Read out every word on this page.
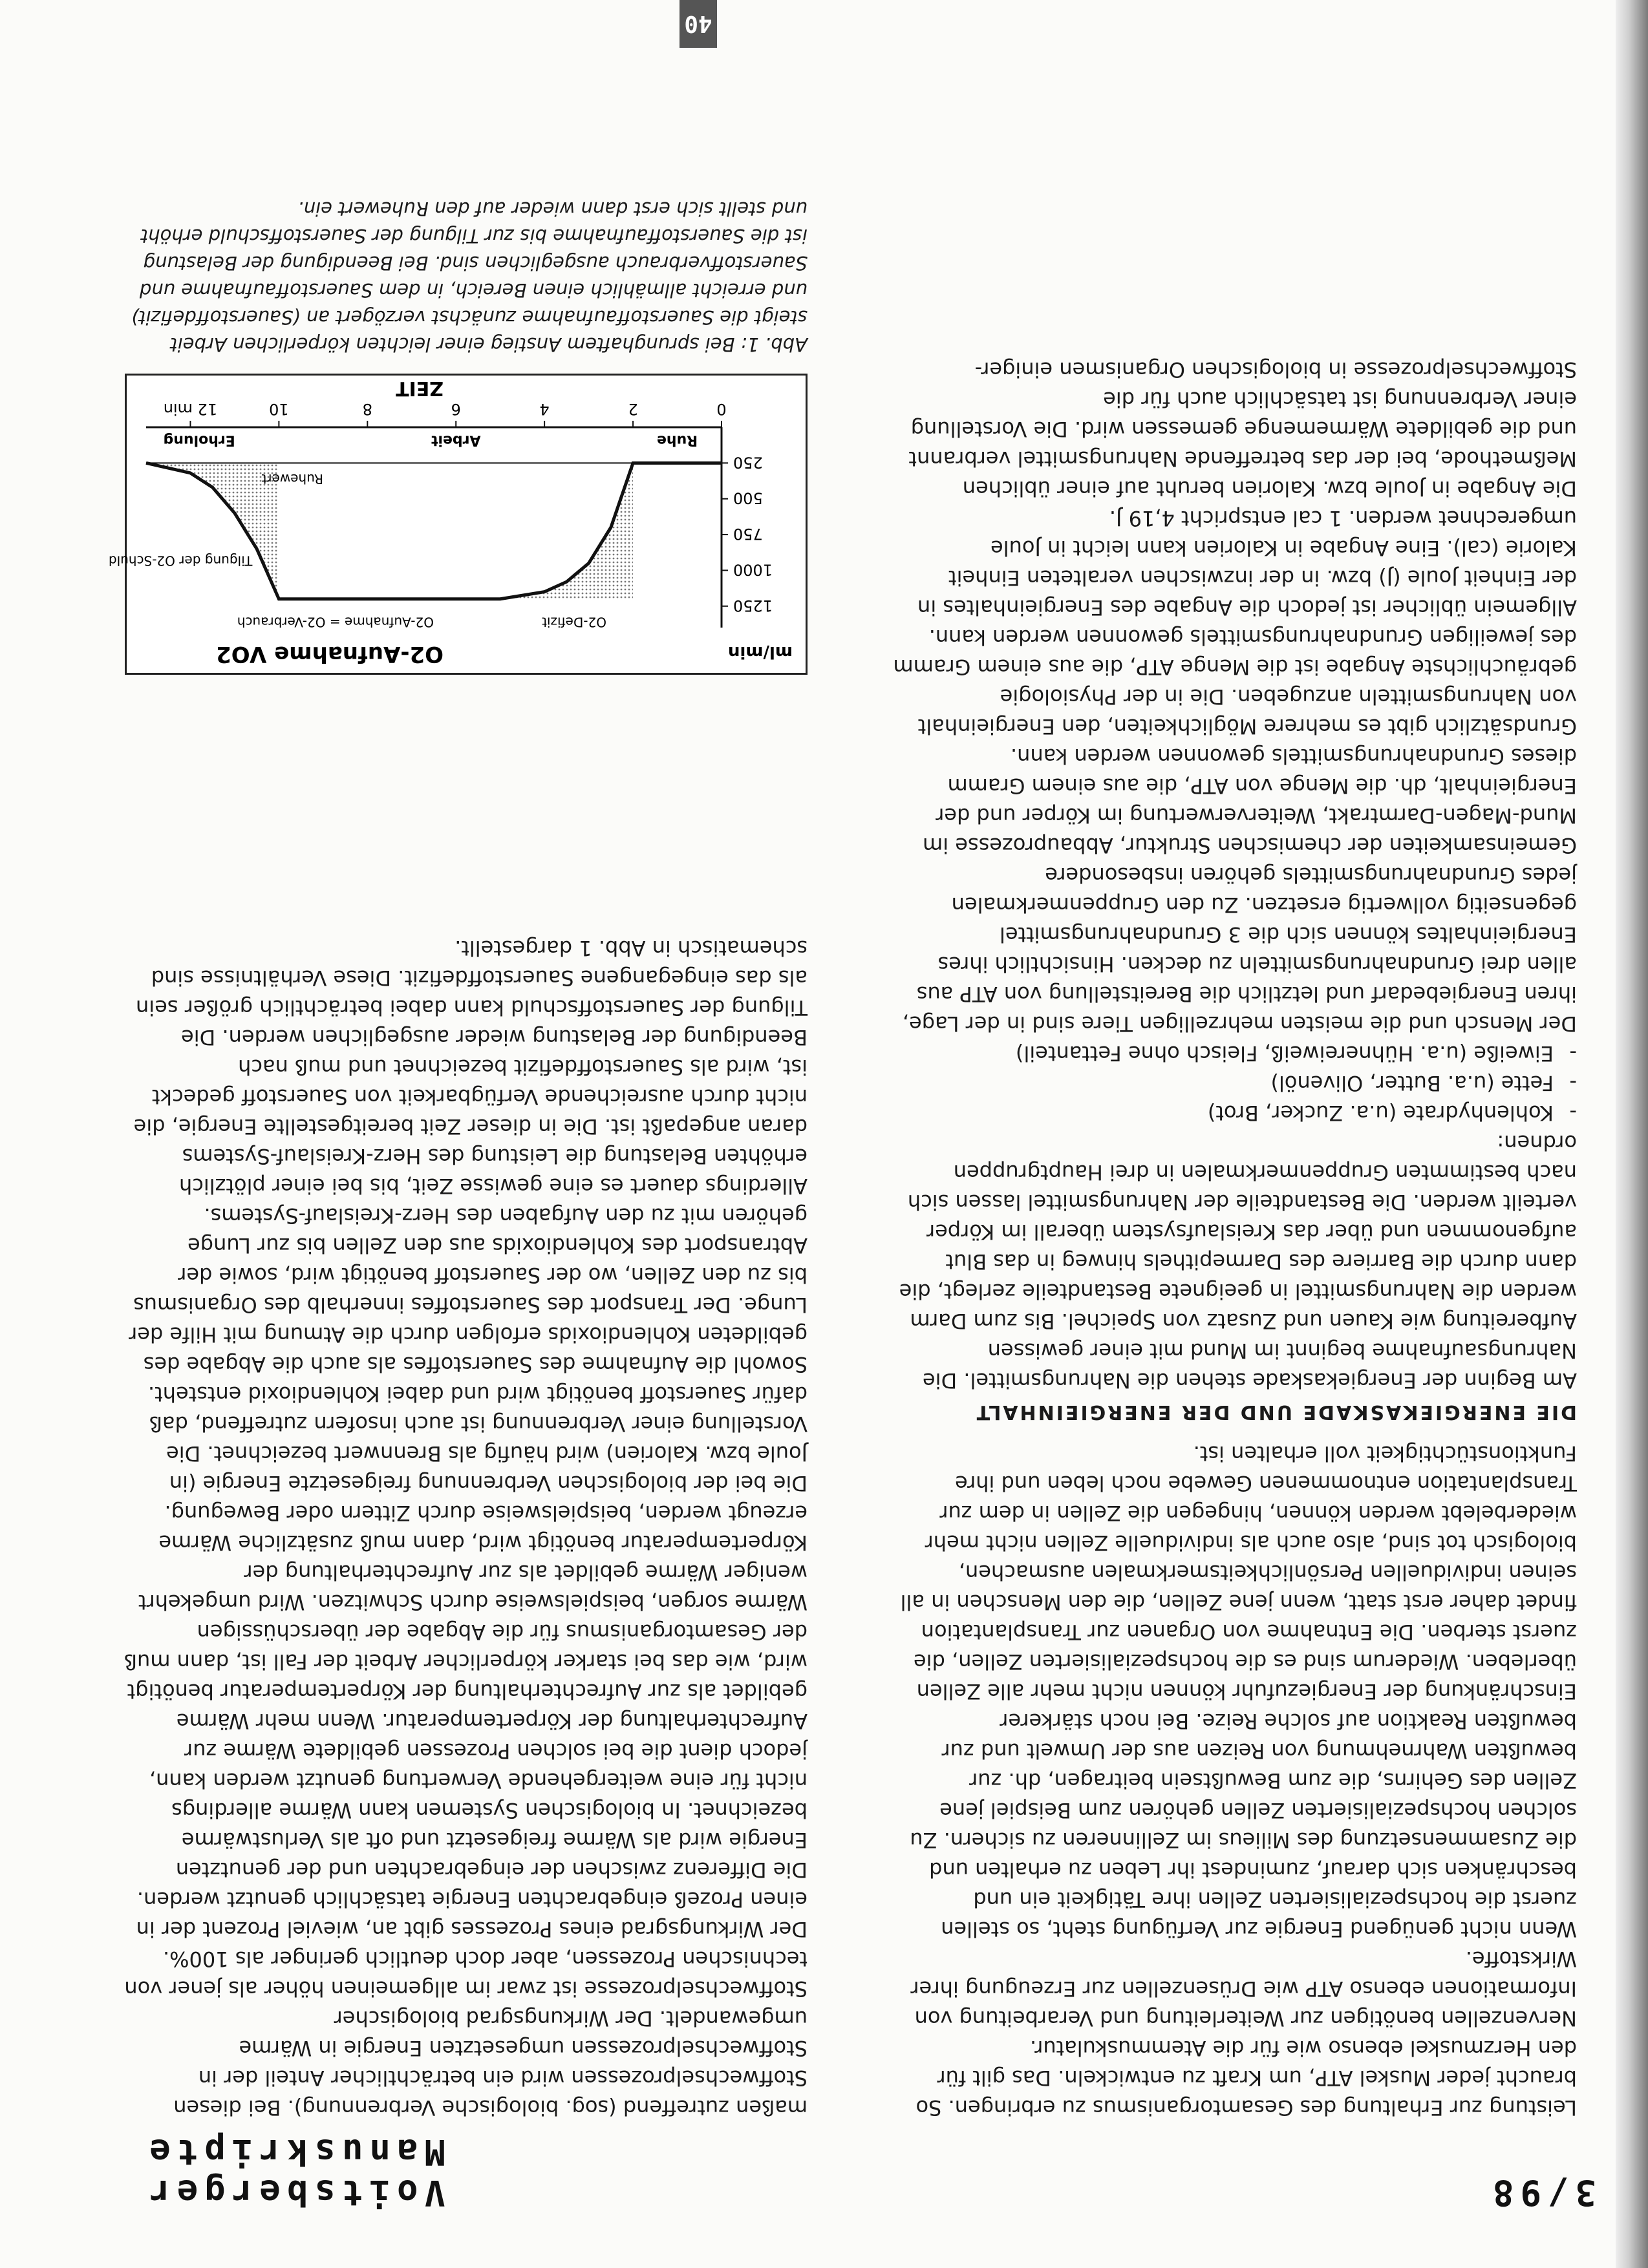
3/98
Voitsberger Manuskripte

Leistung zur Erhaltung des Gesamtorganismus zu erbringen. So braucht jeder Muskel ATP, um Kraft zu entwickeln. Das gilt für den Herzmuskel ebenso wie für die Atemmuskulatur. Nervenzellen benötigen zur Weiterleitung und Verarbeitung von Informationen ebenso ATP wie Drüsenzellen zur Erzeugung ihrer Wirkstoffe.

Wenn nicht genügend Energie zur Verfügung steht, so stellen zuerst die hochspezialisierten Zellen ihre Tätigkeit ein und beschränken sich darauf, zumindest ihr Leben zu erhalten und die Zusammensetzung des Milieus im Zellinneren zu sichern. Zu solchen hochspezialisierten Zellen gehören zum Beispiel jene Zellen des Gehirns, die zum Bewußtsein beitragen, dh. zur bewußten Wahrnehmung von Reizen aus der Umwelt und zur bewußten Reaktion auf solche Reize. Bei noch stärkerer Einschränkung der Energiezufuhr können nicht mehr alle Zellen überleben. Wiederum sind es die hochspezialisierten Zellen, die zuerst sterben. Die Entnahme von Organen zur Transplantation findet daher erst statt, wenn jene Zellen, die den Menschen in all seinen individuellen Persönlichkeitsmerkmalen ausmachen, biologisch tot sind, also auch als individuelle Zellen nicht mehr wiederbelebt werden können, hingegen die Zellen in dem zur Transplantation entnommenen Gewebe noch leben und ihre Funktionstüchtigkeit voll erhalten ist.

DIE ENERGIEKASKADE UND DER ENERGIEINHALT

Am Beginn der Energiekaskade stehen die Nahrungsmittel. Die Nahrungsaufnahme beginnt im Mund mit einer gewissen Aufbereitung wie Kauen und Zusatz von Speichel. Bis zum Darm werden die Nahrungsmittel in geeignete Bestandteile zerlegt, die dann durch die Barriere des Darmepithels hinweg in das Blut aufgenommen und über das Kreislaufsystem überall im Körper verteilt werden. Die Bestandteile der Nahrungsmittel lassen sich nach bestimmten Gruppenmerkmalen in drei Hauptgruppen ordnen:

- Kohlenhydrate (u.a. Zucker, Brot)
- Fette (u.a. Butter, Olivenöl)
- Eiweiße (u.a. Hühnereiweiß, Fleisch ohne Fettanteil)

Der Mensch und die meisten mehrzelligen Tiere sind in der Lage, ihren Energiebedarf und letztlich die Bereitstellung von ATP aus allen drei Grundnahrungsmitteln zu decken. Hinsichtlich ihres Energieinhaltes können sich die 3 Grundnahrungsmittel gegenseitig vollwertig ersetzen. Zu den Gruppenmerkmalen jedes Grundnahrungsmittels gehören insbesondere Gemeinsamkeiten der chemischen Struktur, Abbauprozesse im Mund-Magen-Darmtrakt, Weiterverwertung im Körper und der Energieinhalt, dh. die Menge von ATP, die aus einem Gramm dieses Grundnahrungsmittels gewonnen werden kann.

Grundsätzlich gibt es mehrere Möglichkeiten, den Energieinhalt von Nahrungsmitteln anzugeben. Die in der Physiologie gebräuchlichste Angabe ist die Menge ATP, die aus einem Gramm des jeweiligen Grundnahrungsmittels gewonnen werden kann. Allgemein üblicher ist jedoch die Angabe des Energieinhaltes in der Einheit Joule (J) bzw. in der inzwischen veralteten Einheit Kalorie (cal). Eine Angabe in Kalorien kann leicht in Joule umgerechnet werden. 1 cal entspricht 4,19 J.

Die Angabe in Joule bzw. Kalorien beruht auf einer üblichen Meßmethode, bei der das betreffende Nahrungsmittel verbrannt und die gebildete Wärmemenge gemessen wird. Die Vorstellung einer Verbrennung ist tatsächlich auch für die Stoffwechselprozesse in biologischen Organismen einiger-

maßen zutreffend (sog. biologische Verbrennung). Bei diesen Stoffwechselprozessen wird ein beträchtlicher Anteil der in Stoffwechselprozessen umgesetzten Energie in Wärme umgewandelt. Der Wirkungsgrad biologischer Stoffwechselprozesse ist zwar im allgemeinen höher als jener von technischen Prozessen, aber doch deutlich geringer als 100%. Der Wirkungsgrad eines Prozesses gibt an, wieviel Prozent der in einen Prozeß eingebrachten Energie tatsächlich genutzt werden. Die Differenz zwischen der eingebrachten und der genutzten Energie wird als Wärme freigesetzt und oft als Verlustwärme bezeichnet. In biologischen Systemen kann Wärme allerdings nicht für eine weitergehende Verwertung genutzt werden kann, jedoch dient die bei solchen Prozessen gebildete Wärme zur Aufrechterhaltung der Körpertemperatur. Wenn mehr Wärme gebildet als zur Aufrechterhaltung der Körpertemperatur benötigt wird, wie das bei starker körperlicher Arbeit der Fall ist, dann muß der Gesamtorganismus für die Abgabe der überschüssigen Wärme sorgen, beispielsweise durch Schwitzen. Wird umgekehrt weniger Wärme gebildet als zur Aufrechterhaltung der Körpertemperatur benötigt wird, dann muß zusätzliche Wärme erzeugt werden, beispielsweise durch Zittern oder Bewegung.

Die bei der biologischen Verbrennung freigesetzte Energie (in Joule bzw. Kalorien) wird häufig als Brennwert bezeichnet. Die Vorstellung einer Verbrennung ist auch insofern zutreffend, daß dafür Sauerstoff benötigt wird und dabei Kohlendioxid entsteht. Sowohl die Aufnahme des Sauerstoffes als auch die Abgabe des gebildeten Kohlendioxids erfolgen durch die Atmung mit Hilfe der Lunge. Der Transport des Sauerstoffes innerhalb des Organismus bis zu den Zellen, wo der Sauerstoff benötigt wird, sowie der Abtransport des Kohlendioxids aus den Zellen bis zur Lunge gehören mit zu den Aufgaben des Herz-Kreislauf-Systems. Allerdings dauert es eine gewisse Zeit, bis bei einer plötzlich erhöhten Belastung die Leistung des Herz-Kreislauf-Systems daran angepaßt ist. Die in dieser Zeit bereitgestellte Energie, die nicht durch ausreichende Verfügbarkeit von Sauerstoff gedeckt ist, wird als Sauerstoffdefizit bezeichnet und muß nach Beendigung der Belastung wieder ausgeglichen werden. Die Tilgung der Sauerstoffschuld kann dabei beträchtlich größer sein als das eingegangene Sauerstoffdefizit. Diese Verhältnisse sind schematisch in Abb. 1 dargestellt.

ml/min
O2-Aufnahme VO2
1250
1000
750
500
250
0
2
4
6
8
10
12 min
Ruhe
Arbeit
Erholung
O2-Defizit
O2-Aufnahme = O2-Verbrauch
Tilgung der O2-Schuld
Ruhewert
ZEIT
Abb. 1: Bei sprunghaftem Anstieg einer leichten körperlichen Arbeit steigt die Sauerstoffaufnahme zunächst verzögert an (Sauerstoffdefizit) und erreicht allmählich einen Bereich, in dem Sauerstoffaufnahme und Sauerstoffverbrauch ausgeglichen sind. Bei Beendigung der Belastung ist die Sauerstoffaufnahme bis zur Tilgung der Sauerstoffschuld erhöht und stellt sich erst dann wieder auf den Ruhewert ein.
40
